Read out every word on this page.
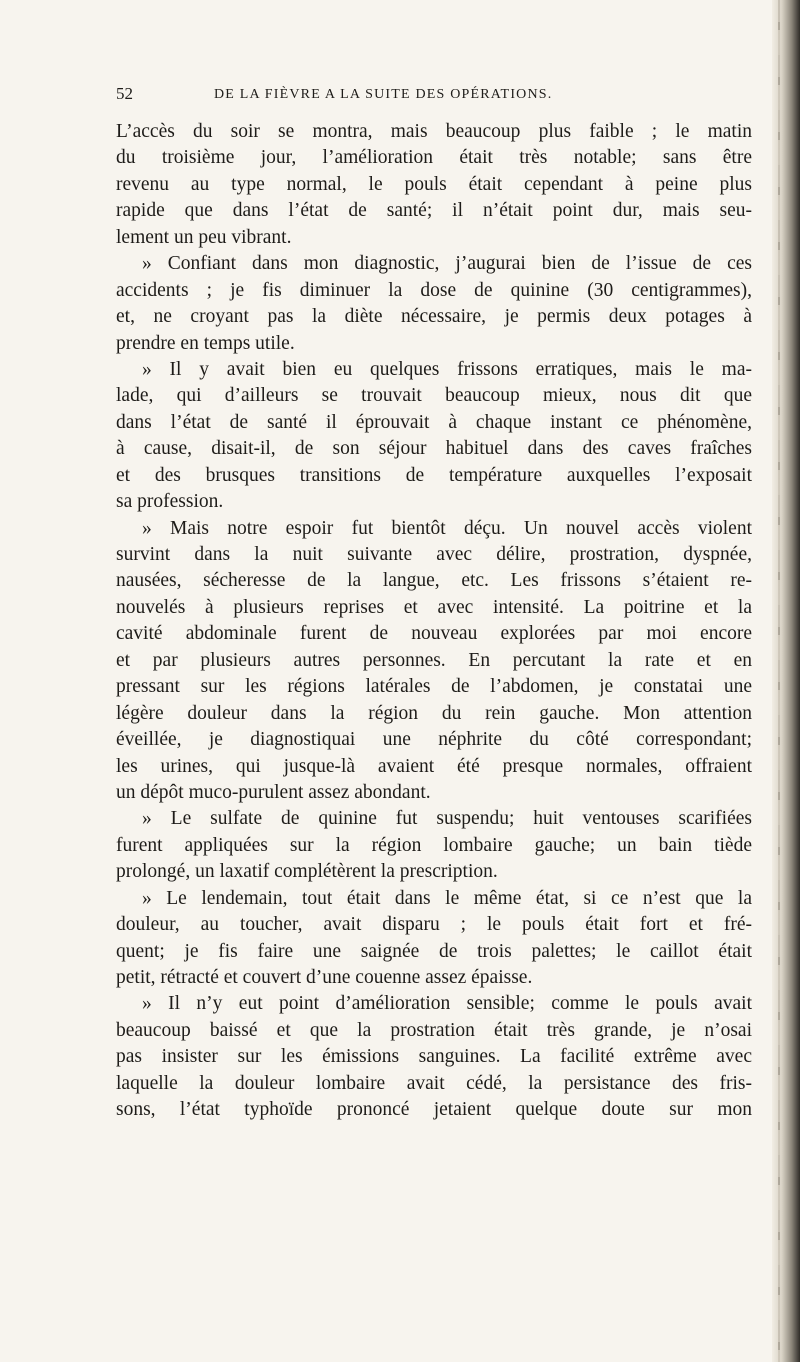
52	DE LA FIÈVRE A LA SUITE DES OPÉRATIONS.
L’accès du soir se montra, mais beaucoup plus faible ; le matin
du troisième jour, l’amélioration était très notable; sans être
revenu au type normal, le pouls était cependant à peine plus
rapide que dans l’état de santé; il n’était point dur, mais seu-
lement un peu vibrant.
» Confiant dans mon diagnostic, j’augurai bien de l’issue de ces
accidents ; je fis diminuer la dose de quinine (30 centigrammes),
et, ne croyant pas la diète nécessaire, je permis deux potages à
prendre en temps utile.
» Il y avait bien eu quelques frissons erratiques, mais le ma-
lade, qui d’ailleurs se trouvait beaucoup mieux, nous dit que
dans l’état de santé il éprouvait à chaque instant ce phénomène,
à cause, disait-il, de son séjour habituel dans des caves fraîches
et des brusques transitions de température auxquelles l’exposait
sa profession.
» Mais notre espoir fut bientôt déçu. Un nouvel accès violent
survint dans la nuit suivante avec délire, prostration, dyspnée,
nausées, sécheresse de la langue, etc. Les frissons s’étaient re-
nouvelés à plusieurs reprises et avec intensité. La poitrine et la
cavité abdominale furent de nouveau explorées par moi encore
et par plusieurs autres personnes. En percutant la rate et en
pressant sur les régions latérales de l’abdomen, je constatai une
légère douleur dans la région du rein gauche. Mon attention
éveillée, je diagnostiquai une néphrite du côté correspondant;
les urines, qui jusque-là avaient été presque normales, offraient
un dépôt muco-purulent assez abondant.
» Le sulfate de quinine fut suspendu; huit ventouses scarifiées
furent appliquées sur la région lombaire gauche; un bain tiède
prolongé, un laxatif complétèrent la prescription.
» Le lendemain, tout était dans le même état, si ce n’est que la
douleur, au toucher, avait disparu ; le pouls était fort et fré-
quent; je fis faire une saignée de trois palettes; le caillot était
petit, rétracté et couvert d’une couenne assez épaisse.
» Il n’y eut point d’amélioration sensible; comme le pouls avait
beaucoup baissé et que la prostration était très grande, je n’osai
pas insister sur les émissions sanguines. La facilité extrême avec
laquelle la douleur lombaire avait cédé, la persistance des fris-
sons, l’état typhoïde prononcé jetaient quelque doute sur mon
